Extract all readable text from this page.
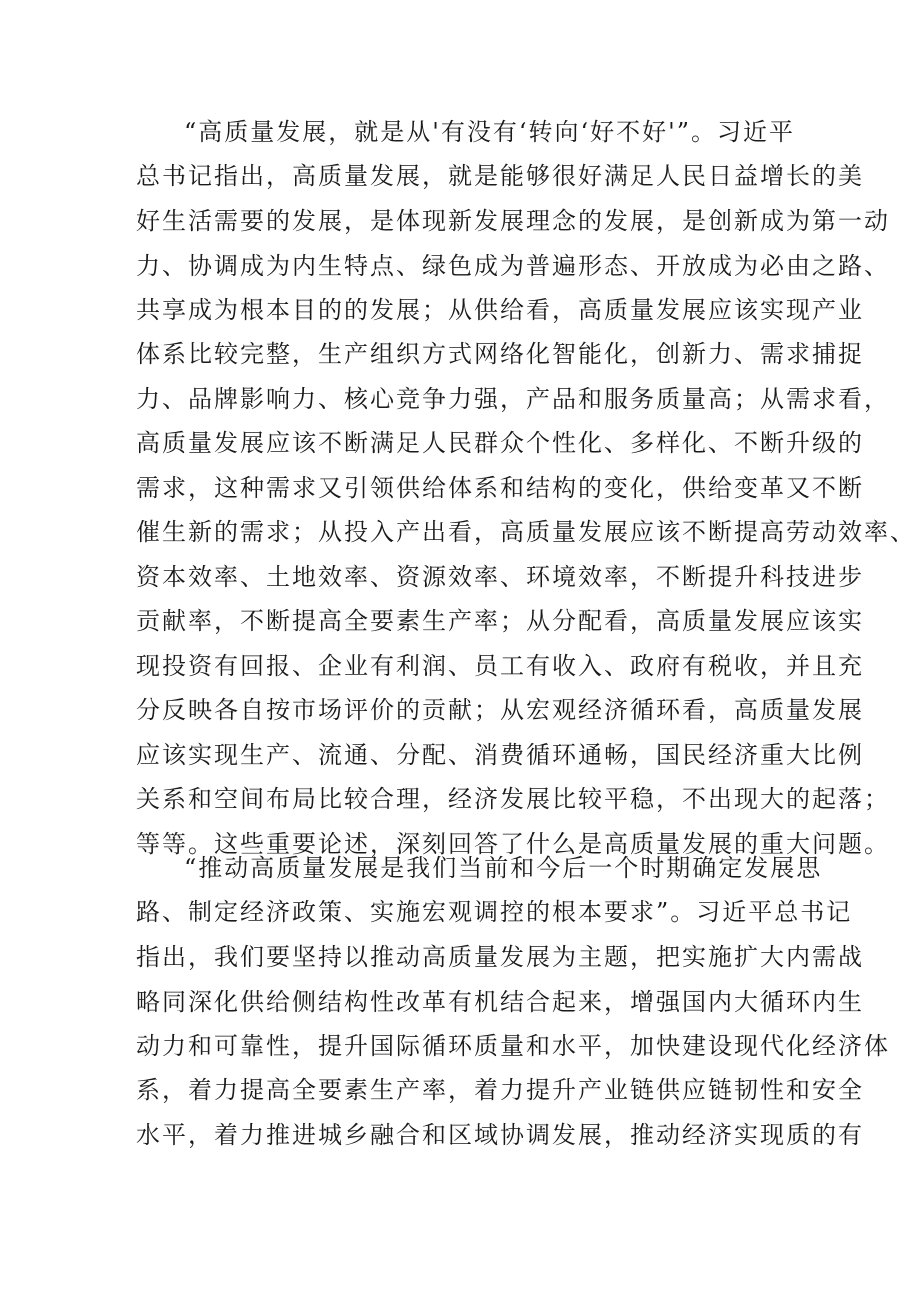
“高质量发展，就是从'有没有‘转向‘好不好'”。习近平
总书记指出，高质量发展，就是能够很好满足人民日益增长的美
好生活需要的发展，是体现新发展理念的发展，是创新成为第一动
力、协调成为内生特点、绿色成为普遍形态、开放成为必由之路、
共享成为根本目的的发展；从供给看，高质量发展应该实现产业
体系比较完整，生产组织方式网络化智能化，创新力、需求捕捉
力、品牌影响力、核心竞争力强，产品和服务质量高；从需求看，
高质量发展应该不断满足人民群众个性化、多样化、不断升级的
需求，这种需求又引领供给体系和结构的变化，供给变革又不断
催生新的需求；从投入产出看，高质量发展应该不断提高劳动效率、
资本效率、土地效率、资源效率、环境效率，不断提升科技进步
贡献率，不断提高全要素生产率；从分配看，高质量发展应该实
现投资有回报、企业有利润、员工有收入、政府有税收，并且充
分反映各自按市场评价的贡献；从宏观经济循环看，高质量发展
应该实现生产、流通、分配、消费循环通畅，国民经济重大比例
关系和空间布局比较合理，经济发展比较平稳，不出现大的起落；
等等。这些重要论述，深刻回答了什么是高质量发展的重大问题。
“推动高质量发展是我们当前和今后一个时期确定发展思
路、制定经济政策、实施宏观调控的根本要求”。习近平总书记
指出，我们要坚持以推动高质量发展为主题，把实施扩大内需战
略同深化供给侧结构性改革有机结合起来，增强国内大循环内生
动力和可靠性，提升国际循环质量和水平，加快建设现代化经济体
系，着力提高全要素生产率，着力提升产业链供应链韧性和安全
水平，着力推进城乡融合和区域协调发展，推动经济实现质的有
